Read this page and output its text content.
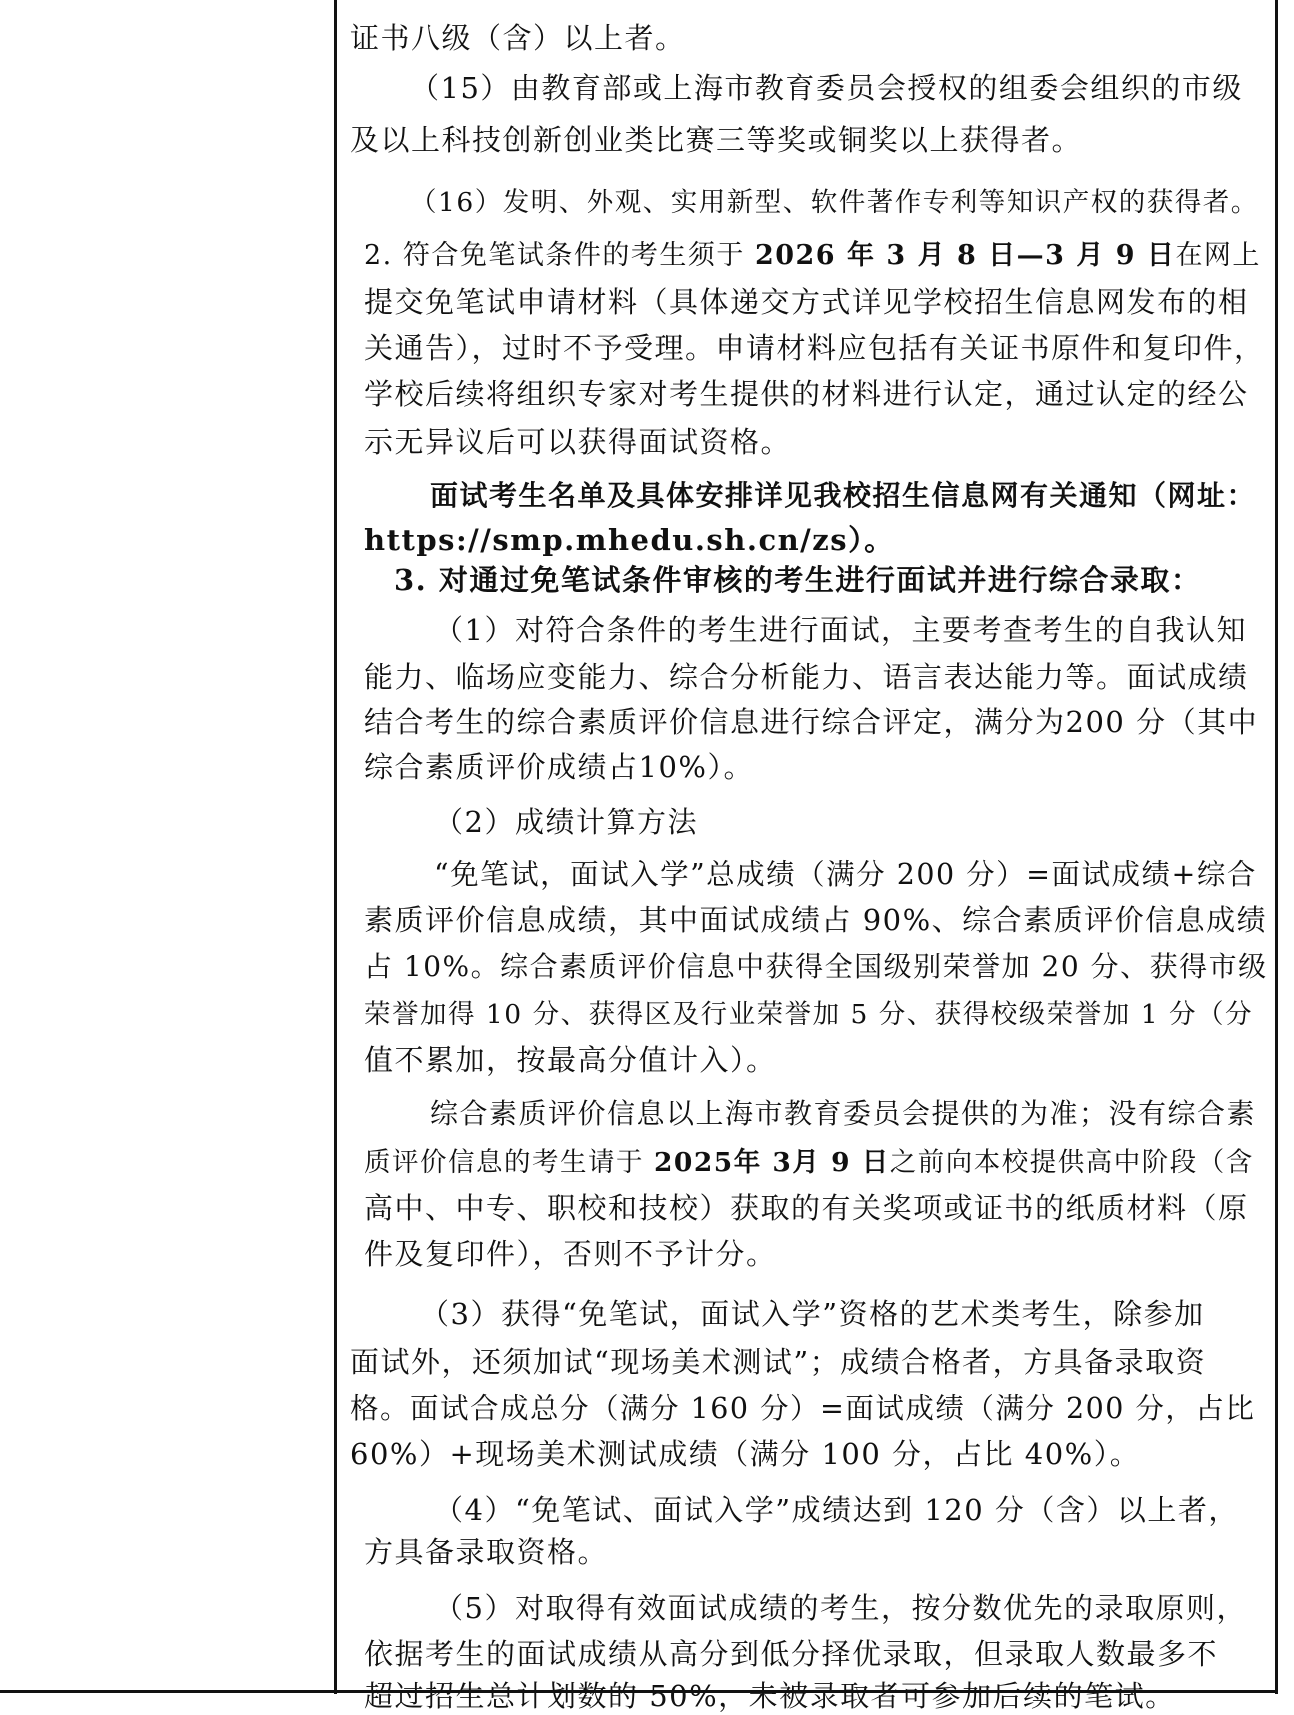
证书八级（含）以上者。

（15）由教育部或上海市教育委员会授权的组委会组织的市级

及以上科技创新创业类比赛三等奖或铜奖以上获得者。

（16）发明、外观、实用新型、软件著作专利等知识产权的获得者。

2. 符合免笔试条件的考生须于 2026 年 3 月 8 日—3 月 9 日在网上

提交免笔试申请材料（具体递交方式详见学校招生信息网发布的相

关通告），过时不予受理。申请材料应包括有关证书原件和复印件，

学校后续将组织专家对考生提供的材料进行认定，通过认定的经公

示无异议后可以获得面试资格。

面试考生名单及具体安排详见我校招生信息网有关通知（网址：

https://smp.mhedu.sh.cn/zs）。

3. 对通过免笔试条件审核的考生进行面试并进行综合录取：

（1）对符合条件的考生进行面试，主要考查考生的自我认知

能力、临场应变能力、综合分析能力、语言表达能力等。面试成绩

结合考生的综合素质评价信息进行综合评定，满分为200 分（其中

综合素质评价成绩占10%）。

（2）成绩计算方法

“免笔试，面试入学”总成绩（满分 200 分）=面试成绩+综合

素质评价信息成绩，其中面试成绩占 90%、综合素质评价信息成绩

占 10%。综合素质评价信息中获得全国级别荣誉加 20 分、获得市级

荣誉加得 10 分、获得区及行业荣誉加 5 分、获得校级荣誉加 1 分（分

值不累加，按最高分值计入）。

综合素质评价信息以上海市教育委员会提供的为准；没有综合素

质评价信息的考生请于 2025年 3月 9 日之前向本校提供高中阶段（含

高中、中专、职校和技校）获取的有关奖项或证书的纸质材料（原

件及复印件），否则不予计分。

（3）获得“免笔试，面试入学”资格的艺术类考生，除参加

面试外，还须加试“现场美术测试”；成绩合格者，方具备录取资

格。面试合成总分（满分 160 分）=面试成绩（满分 200 分，占比

60%）+现场美术测试成绩（满分 100 分，占比 40%）。

（4）“免笔试、面试入学”成绩达到 120 分（含）以上者，

方具备录取资格。

（5）对取得有效面试成绩的考生，按分数优先的录取原则，

依据考生的面试成绩从高分到低分择优录取，但录取人数最多不

超过招生总计划数的 50%，未被录取者可参加后续的笔试。
